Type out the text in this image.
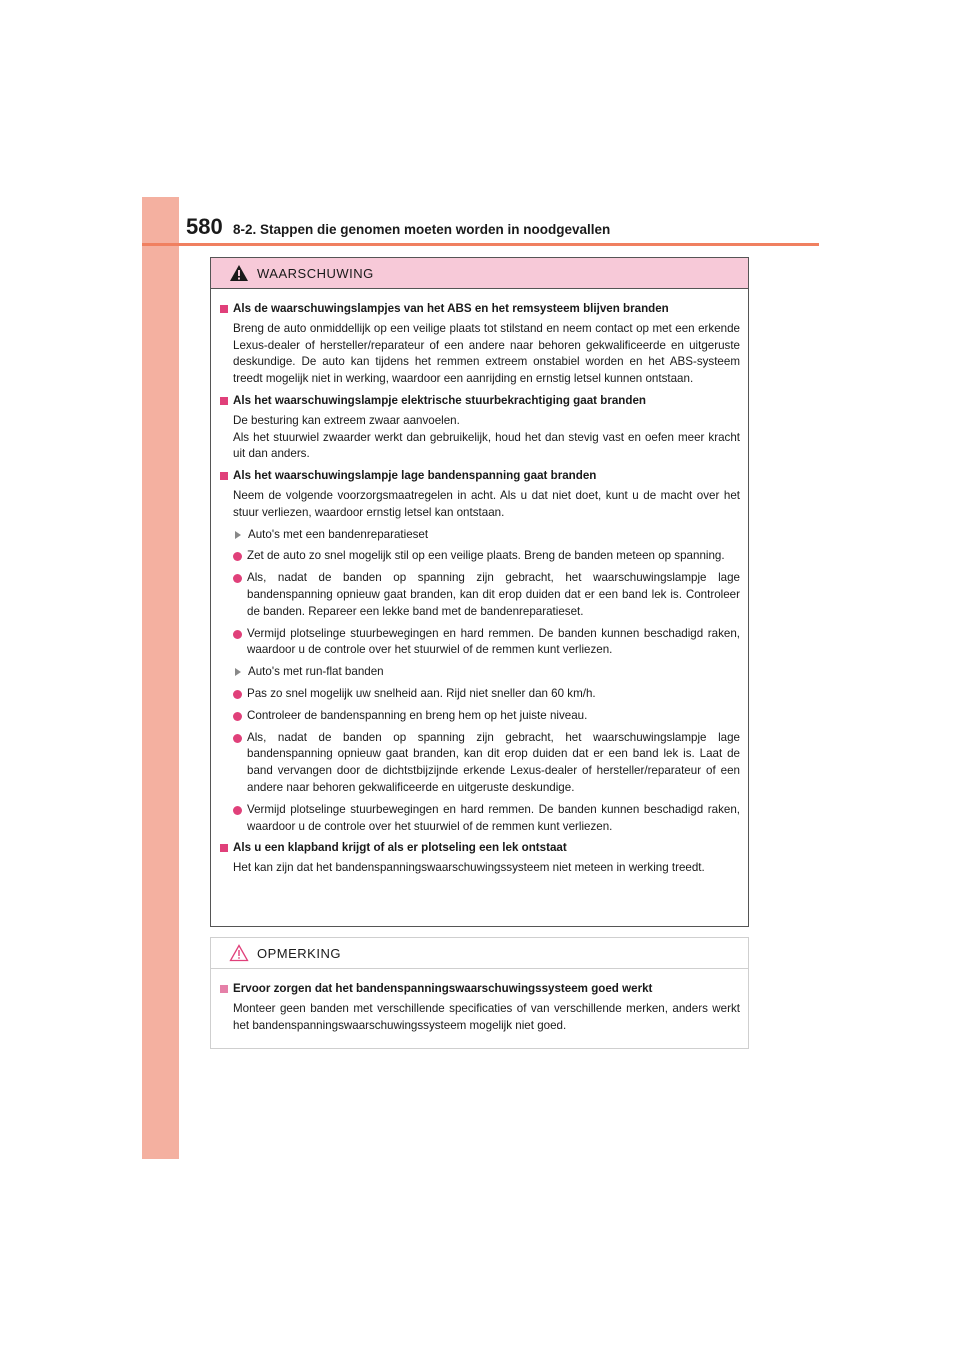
580 8-2. Stappen die genomen moeten worden in noodgevallen
WAARSCHUWING
Als de waarschuwingslampjes van het ABS en het remsysteem blijven branden
Breng de auto onmiddellijk op een veilige plaats tot stilstand en neem contact op met een erkende Lexus-dealer of hersteller/reparateur of een andere naar behoren gekwalificeerde en uitgeruste deskundige. De auto kan tijdens het remmen extreem onstabiel worden en het ABS-systeem treedt mogelijk niet in werking, waardoor een aanrijding en ernstig letsel kunnen ontstaan.
Als het waarschuwingslampje elektrische stuurbekrachtiging gaat branden
De besturing kan extreem zwaar aanvoelen.
Als het stuurwiel zwaarder werkt dan gebruikelijk, houd het dan stevig vast en oefen meer kracht uit dan anders.
Als het waarschuwingslampje lage bandenspanning gaat branden
Neem de volgende voorzorgsmaatregelen in acht. Als u dat niet doet, kunt u de macht over het stuur verliezen, waardoor ernstig letsel kan ontstaan.
Auto's met een bandenreparatieset
Zet de auto zo snel mogelijk stil op een veilige plaats. Breng de banden meteen op spanning.
Als, nadat de banden op spanning zijn gebracht, het waarschuwingslampje lage bandenspanning opnieuw gaat branden, kan dit erop duiden dat er een band lek is. Controleer de banden. Repareer een lekke band met de bandenreparatieset.
Vermijd plotselinge stuurbewegingen en hard remmen. De banden kunnen beschadigd raken, waardoor u de controle over het stuurwiel of de remmen kunt verliezen.
Auto's met run-flat banden
Pas zo snel mogelijk uw snelheid aan. Rijd niet sneller dan 60 km/h.
Controleer de bandenspanning en breng hem op het juiste niveau.
Als, nadat de banden op spanning zijn gebracht, het waarschuwingslampje lage bandenspanning opnieuw gaat branden, kan dit erop duiden dat er een band lek is. Laat de band vervangen door de dichtstbijzijnde erkende Lexus-dealer of hersteller/reparateur of een andere naar behoren gekwalificeerde en uitgeruste deskundige.
Vermijd plotselinge stuurbewegingen en hard remmen. De banden kunnen beschadigd raken, waardoor u de controle over het stuurwiel of de remmen kunt verliezen.
Als u een klapband krijgt of als er plotseling een lek ontstaat
Het kan zijn dat het bandenspanningswaarschuwingssysteem niet meteen in werking treedt.
OPMERKING
Ervoor zorgen dat het bandenspanningswaarschuwingssysteem goed werkt
Monteer geen banden met verschillende specificaties of van verschillende merken, anders werkt het bandenspanningswaarschuwingssysteem mogelijk niet goed.
